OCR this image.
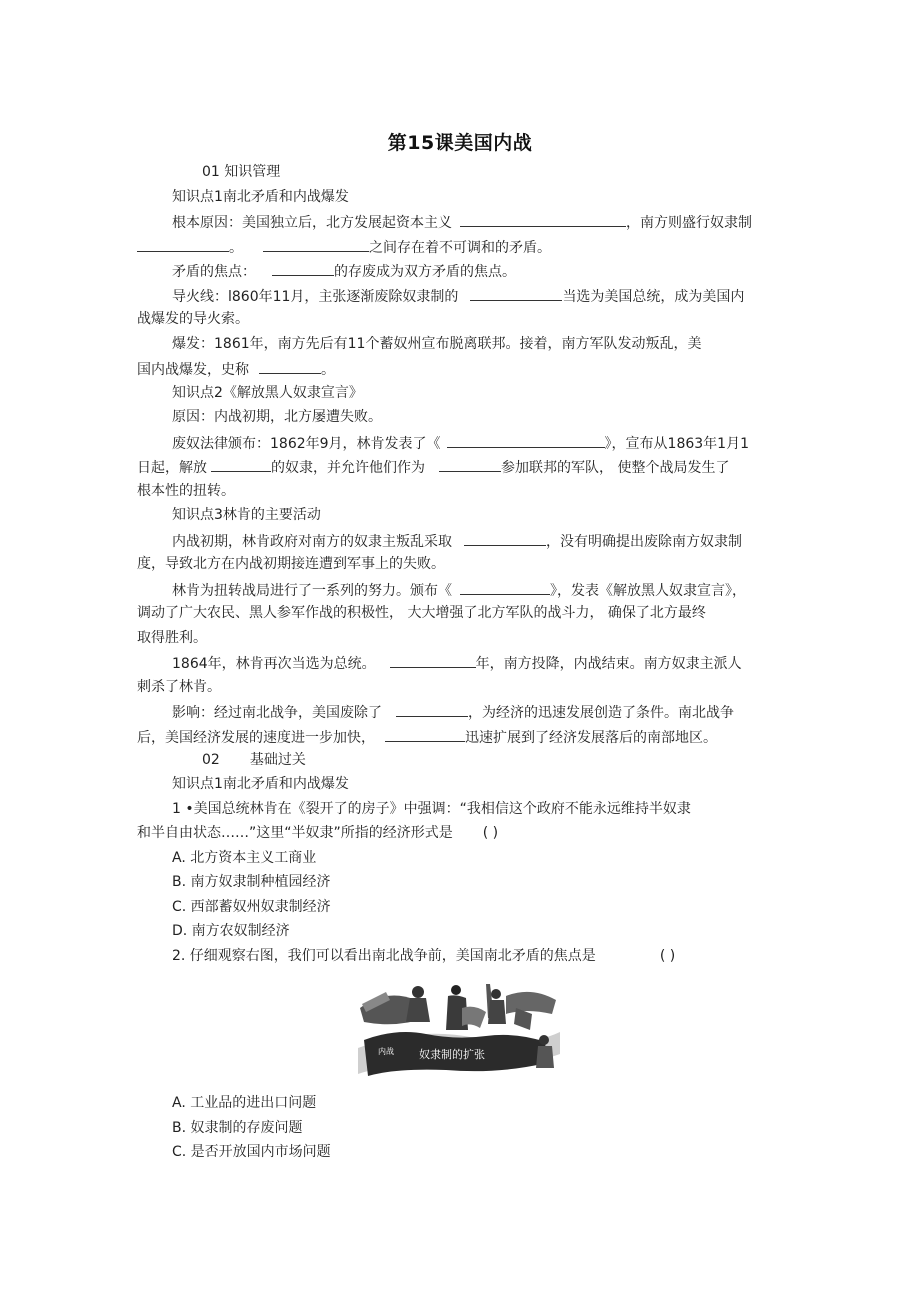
第15课美国内战
01 知识管理
知识点1南北矛盾和内战爆发
根本原因：美国独立后，北方发展起资本主义	，南方则盛行奴隶制
。	之间存在着不可调和的矛盾。
矛盾的焦点：	的存废成为双方矛盾的焦点。
导火线：l860年11月，主张逐渐废除奴隶制的	当选为美国总统，成为美国内
战爆发的导火索。
爆发：1861年，南方先后有11个蓄奴州宣布脱离联邦。接着，南方军队发动叛乱，美
国内战爆发，史称	。
知识点2《解放黑人奴隶宣言》
原因：内战初期，北方屡遭失败。
废奴法律颁布：1862年9月，林肯发表了《	》，宣布从1863年1月1
日起，解放	的奴隶，并允许他们作为	参加联邦的军队， 使整个战局发生了
根本性的扭转。
知识点3林肯的主要活动
内战初期，林肯政府对南方的奴隶主叛乱采取	，没有明确提出废除南方奴隶制
度，导致北方在内战初期接连遭到军事上的失败。
林肯为扭转战局进行了一系列的努力。颁布《	》，发表《解放黑人奴隶宣言》，
调动了广大农民、黑人参军作战的积极性， 大大增强了北方军队的战斗力， 确保了北方最终
取得胜利。
1864年，林肯再次当选为总统。	年，南方投降，内战结束。南方奴隶主派人
刺杀了林肯。
影响：经过南北战争，美国废除了	，为经济的迅速发展创造了条件。南北战争
后，美国经济发展的速度进一步加快，	迅速扩展到了经济发展落后的南部地区。
02 基础过关
知识点1南北矛盾和内战爆发
1 •美国总统林肯在《裂开了的房子》中强调：“我相信这个政府不能永远维持半奴隶
和半自由状态……”这里“半奴隶”所指的经济形式是 ( )
A. 北方资本主义工商业
B. 南方奴隶制种植园经济
C. 西部蓄奴州奴隶制经济
D. 南方农奴制经济
2. 仔细观察右图，我们可以看出南北战争前，美国南北矛盾的焦点是	( )
奴隶制的扩张
内战
A. 工业品的进出口问题
B. 奴隶制的存废问题
C. 是否开放国内市场问题
